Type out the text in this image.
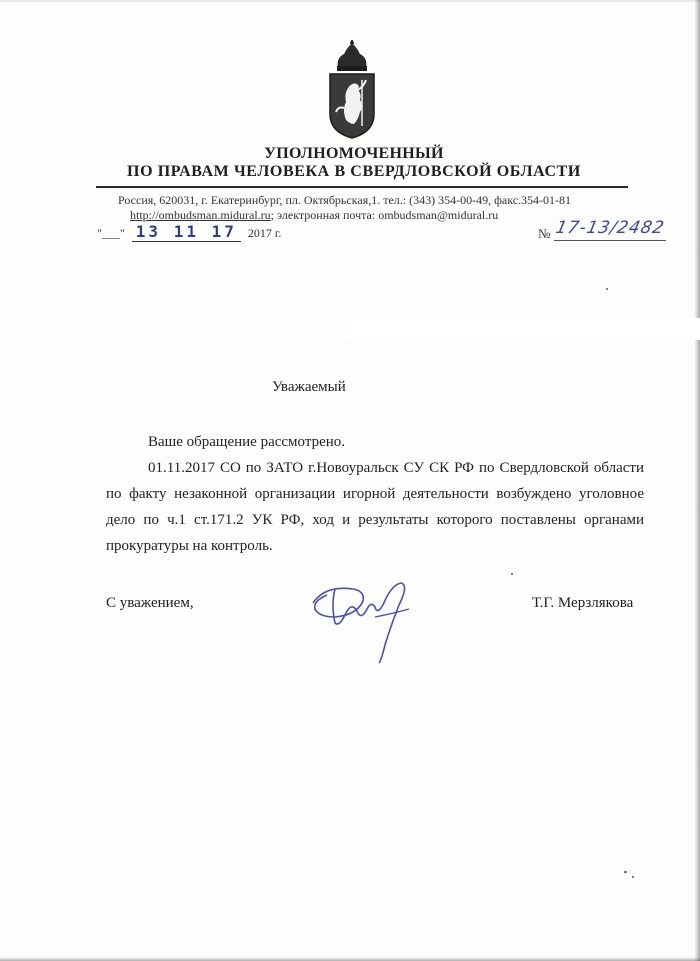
УПОЛНОМОЧЕННЫЙ
ПО ПРАВАМ ЧЕЛОВЕКА В СВЕРДЛОВСКОЙ ОБЛАСТИ
Россия, 620031, г. Екатеринбург, пл. Октябрьская,1. тел.: (343) 354-00-49, факс.354-01-81
http://ombudsman.midural.ru; электронная почта: ombudsman@midural.ru
"___" 13 11 17 2017 г.	№ 17-13/2482
Уважаемый
Ваше обращение рассмотрено.
01.11.2017 СО по ЗАТО г.Новоуральск СУ СК РФ по Свердловской области по факту незаконной организации игорной деятельности возбуждено уголовное дело по ч.1 ст.171.2 УК РФ, ход и результаты которого поставлены органами прокуратуры на контроль.
С уважением,	Т.Г. Мерзлякова
